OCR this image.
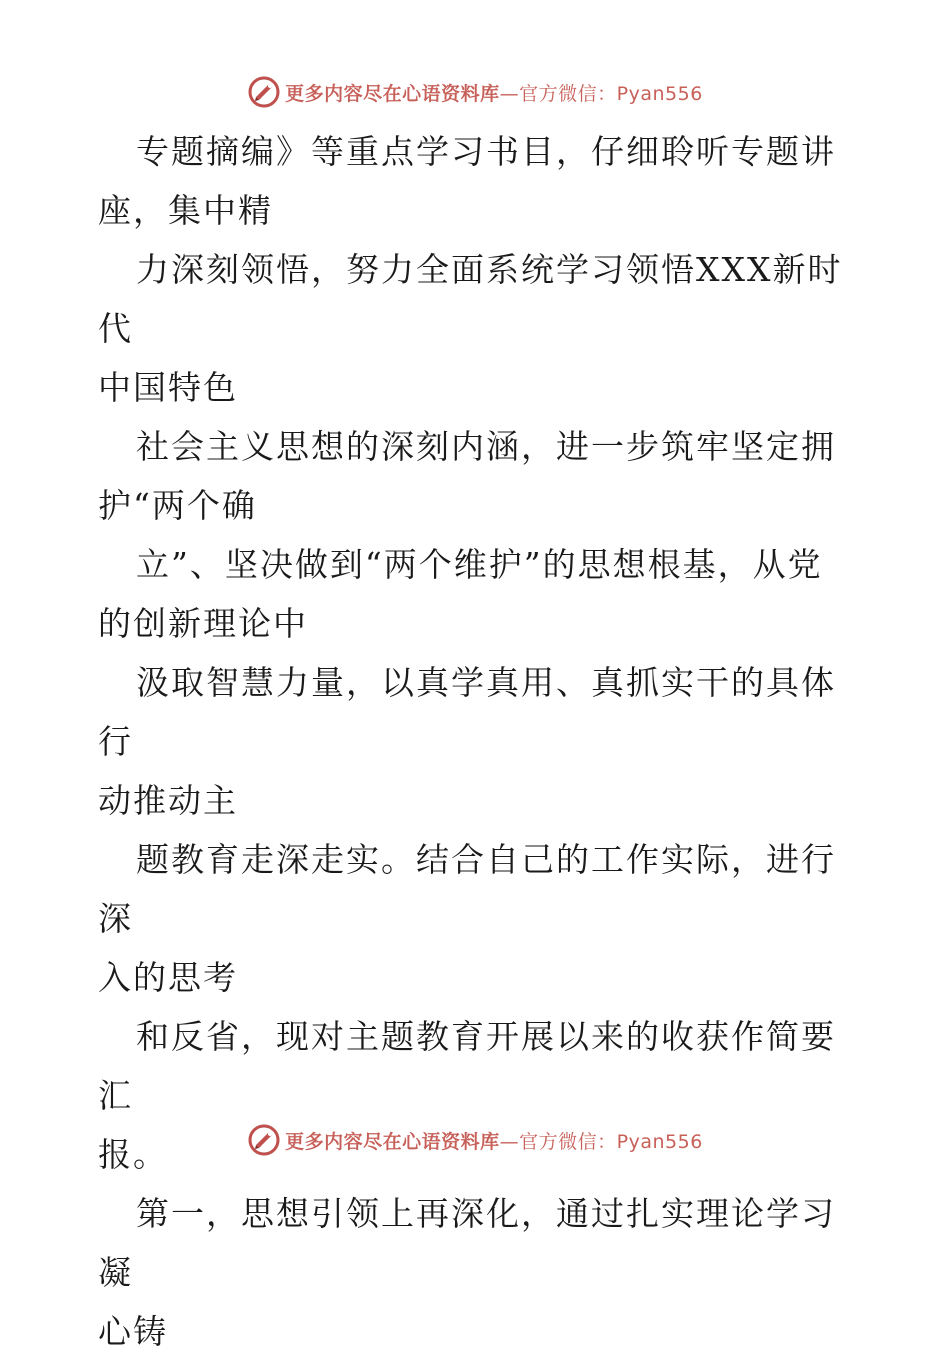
更多内容尽在心语资料库 —官方微信：Pyan556

专题摘编》等重点学习书目，仔细聆听专题讲
座，集中精

力深刻领悟，努力全面系统学习领悟XXX新时代
中国特色

社会主义思想的深刻内涵，进一步筑牢坚定拥
护“两个确

立”、坚决做到“两个维护”的思想根基，从党
的创新理论中

汲取智慧力量，以真学真用、真抓实干的具体行
动推动主

题教育走深走实。结合自己的工作实际，进行深
入的思考

和反省，现对主题教育开展以来的收获作简要汇
报。

第一，思想引领上再深化，通过扎实理论学习凝
心铸

更多内容尽在心语资料库 —官方微信：Pyan556
